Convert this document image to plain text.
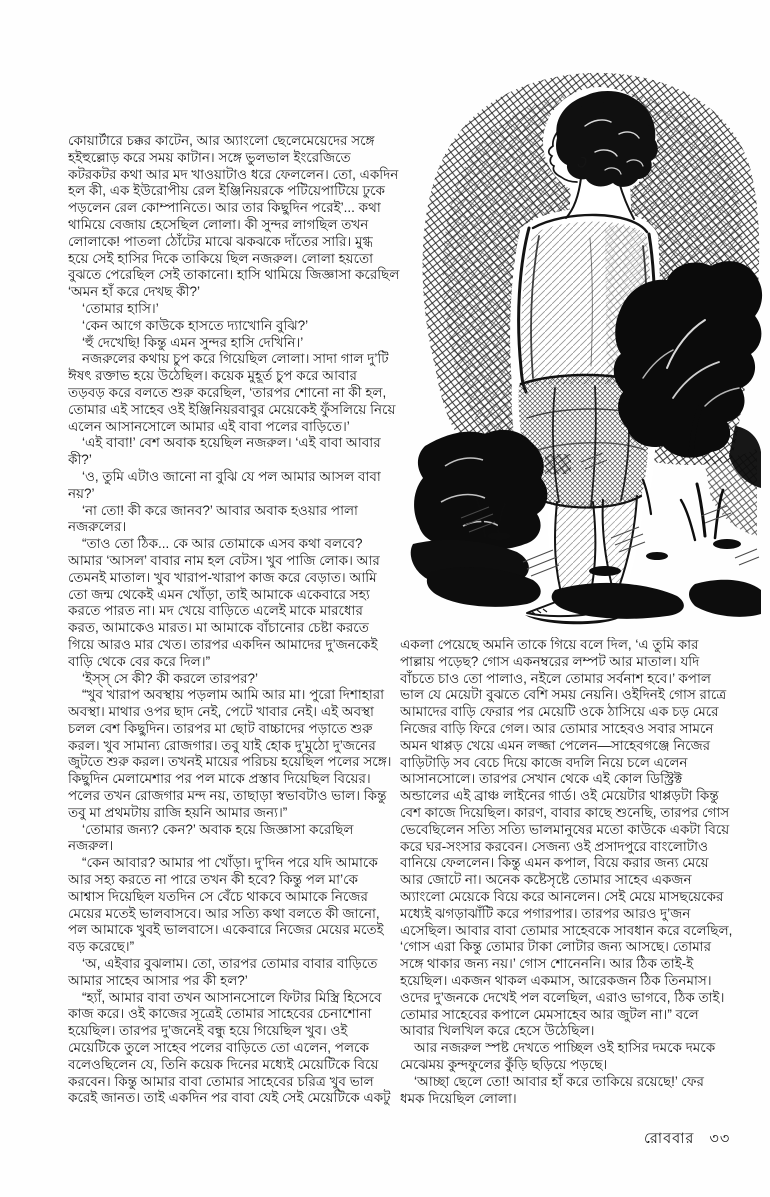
কোয়ার্টারে চক্কর কাটেন, আর অ্যাংলো ছেলেমেয়েদের সঙ্গে
হইহুল্লোড় করে সময় কাটান। সঙ্গে ভুলভাল ইংরেজিতে
কটরকটর কথা আর মদ খাওয়াটাও ধরে ফেললেন। তো, একদিন
হল কী, এক ইউরোপীয় রেল ইঞ্জিনিয়রকে পটিয়েপাটিয়ে ঢুকে
পড়লেন রেল কোম্পানিতে। আর তার কিছুদিন পরেই’... কথা
থামিয়ে বেজায় হেসেছিল লোলা। কী সুন্দর লাগছিল তখন
লোলাকে! পাতলা ঠোঁটের মাঝে ঝকঝকে দাঁতের সারি। মুগ্ধ
হয়ে সেই হাসির দিকে তাকিয়ে ছিল নজরুল। লোলা হয়তো
বুঝতে পেরেছিল সেই তাকানো। হাসি থামিয়ে জিজ্ঞাসা করেছিল
‘অমন হাঁ করে দেখছ কী?’
‘তোমার হাসি।’
‘কেন আগে কাউকে হাসতে দ্যাখোনি বুঝি?’
‘হুঁ দেখেছি! কিন্তু এমন সুন্দর হাসি দেখিনি।’
নজরুলের কথায় চুপ করে গিয়েছিল লোলা। সাদা গাল দু’টি
ঈষৎ রক্তাভ হয়ে উঠেছিল। কয়েক মুহূর্ত চুপ করে আবার
তড়বড় করে বলতে শুরু করেছিল, ‘তারপর শোনো না কী হল,
তোমার এই সাহেব ওই ইঞ্জিনিয়রবাবুর মেয়েকেই ফুঁসলিয়ে নিয়ে
এলেন আসানসোলে আমার এই বাবা পলের বাড়িতে।’
‘এই বাবা!’ বেশ অবাক হয়েছিল নজরুল। ‘এই বাবা আবার
কী?’
‘ও, তুমি এটাও জানো না বুঝি যে পল আমার আসল বাবা
নয়?’
‘না তো! কী করে জানব?’ আবার অবাক হওয়ার পালা
নজরুলের।
“তাও তো ঠিক... কে আর তোমাকে এসব কথা বলবে?
আমার ‘আসল’ বাবার নাম হল বেটস। খুব পাজি লোক। আর
তেমনই মাতাল। খুব খারাপ-খারাপ কাজ করে বেড়াত। আমি
তো জন্ম থেকেই এমন খোঁড়া, তাই আমাকে একেবারে সহ্য
করতে পারত না। মদ খেয়ে বাড়িতে এলেই মাকে মারধোর
করত, আমাকেও মারত। মা আমাকে বাঁচানোর চেষ্টা করতে
গিয়ে আরও মার খেত। তারপর একদিন আমাদের দু’জনকেই
বাড়ি থেকে বের করে দিল।”
‘ইস্‌স্‌ সে কী? কী করলে তারপর?’
“খুব খারাপ অবস্থায় পড়লাম আমি আর মা। পুরো দিশাহারা
অবস্থা। মাথার ওপর ছাদ নেই, পেটে খাবার নেই। এই অবস্থা
চলল বেশ কিছুদিন। তারপর মা ছোট বাচ্চাদের পড়াতে শুরু
করল। খুব সামান্য রোজগার। তবু যাই হোক দু’মুঠো দু’জনের
জুটতে শুরু করল। তখনই মায়ের পরিচয় হয়েছিল পলের সঙ্গে।
কিছুদিন মেলামেশার পর পল মাকে প্রস্তাব দিয়েছিল বিয়ের।
পলের তখন রোজগার মন্দ নয়, তাছাড়া স্বভাবটাও ভাল। কিন্তু
তবু মা প্রথমটায় রাজি হয়নি আমার জন্য।”
‘তোমার জন্য? কেন?’ অবাক হয়ে জিজ্ঞাসা করেছিল
নজরুল।
“কেন আবার? আমার পা খোঁড়া। দু’দিন পরে যদি আমাকে
আর সহ্য করতে না পারে তখন কী হবে? কিন্তু পল মা’কে
আশ্বাস দিয়েছিল যতদিন সে বেঁচে থাকবে আমাকে নিজের
মেয়ের মতেই ভালবাসবে। আর সত্যি কথা বলতে কী জানো,
পল আমাকে খুবই ভালবাসে। একেবারে নিজের মেয়ের মতেই
বড় করেছে।”
‘অ, এইবার বুঝলাম। তো, তারপর তোমার বাবার বাড়িতে
আমার সাহেব আসার পর কী হল?’
“হ্যাঁ, আমার বাবা তখন আসানসোলে ফিটার মিস্ত্রি হিসেবে
কাজ করে। ওই কাজের সূত্রেই তোমার সাহেবের চেনাশোনা
হয়েছিল। তারপর দু’জনেই বন্ধু হয়ে গিয়েছিল খুব। ওই
মেয়েটিকে তুলে সাহেব পলের বাড়িতে তো এলেন, পলকে
বলেওছিলেন যে, তিনি কয়েক দিনের মধ্যেই মেয়েটিকে বিয়ে
করবেন। কিন্তু আমার বাবা তোমার সাহেবের চরিত্র খুব ভাল
করেই জানত। তাই একদিন পর বাবা যেই সেই মেয়েটিকে একটু
একলা পেয়েছে অমনি তাকে গিয়ে বলে দিল, ‘এ তুমি কার
পাল্লায় পড়েছ? গোস একনম্বরের লম্পট আর মাতাল। যদি
বাঁচতে চাও তো পালাও, নইলে তোমার সর্বনাশ হবে।’ কপাল
ভাল যে মেয়েটা বুঝতে বেশি সময় নেয়নি। ওইদিনই গোস রাত্রে
আমাদের বাড়ি ফেরার পর মেয়েটি ওকে ঠাসিয়ে এক চড় মেরে
নিজের বাড়ি ফিরে গেল। আর তোমার সাহেবও সবার সামনে
অমন থাপ্পড় খেয়ে এমন লজ্জা পেলেন—সাহেবগঞ্জে নিজের
বাড়িটাড়ি সব বেচে দিয়ে কাজে বদলি নিয়ে চলে এলেন
আসানসোলে। তারপর সেখান থেকে এই কোল ডিস্ট্রিক্ট
অন্ডালের এই ব্রাঞ্চ লাইনের গার্ড। ওই মেয়েটার থাপ্পড়টা কিন্তু
বেশ কাজে দিয়েছিল। কারণ, বাবার কাছে শুনেছি, তারপর গোস
ভেবেছিলেন সত্যি সত্যি ভালমানুষের মতো কাউকে একটা বিয়ে
করে ঘর-সংসার করবেন। সেজন্য ওই প্রসাদপুরে বাংলোটাও
বানিয়ে ফেললেন। কিন্তু এমন কপাল, বিয়ে করার জন্য মেয়ে
আর জোটে না। অনেক কষ্টেসৃষ্টে তোমার সাহেব একজন
অ্যাংলো মেয়েকে বিয়ে করে আনলেন। সেই মেয়ে মাসছয়েকের
মধ্যেই ঝগড়াঝাঁটি করে পগারপার। তারপর আরও দু’জন
এসেছিল। আবার বাবা তোমার সাহেবকে সাবধান করে বলেছিল,
‘গোস এরা কিন্তু তোমার টাকা লোটার জন্য আসছে। তোমার
সঙ্গে থাকার জন্য নয়।’ গোস শোনেননি। আর ঠিক তাই-ই
হয়েছিল। একজন থাকল একমাস, আরেকজন ঠিক তিনমাস।
ওদের দু’জনকে দেখেই পল বলেছিল, এরাও ভাগবে, ঠিক তাই।
তোমার সাহেবের কপালে মেমসাহেব আর জুটল না।” বলে
আবার খিলখিল করে হেসে উঠেছিল।
আর নজরুল স্পষ্ট দেখতে পাচ্ছিল ওই হাসির দমকে দমকে
মেঝেময় কুন্দফুলের কুঁড়ি ছড়িয়ে পড়ছে।
‘আচ্ছা ছেলে তো! আবার হাঁ করে তাকিয়ে রয়েছে!’ ফের
ধমক দিয়েছিল লোলা।
রোববার ৩৩
